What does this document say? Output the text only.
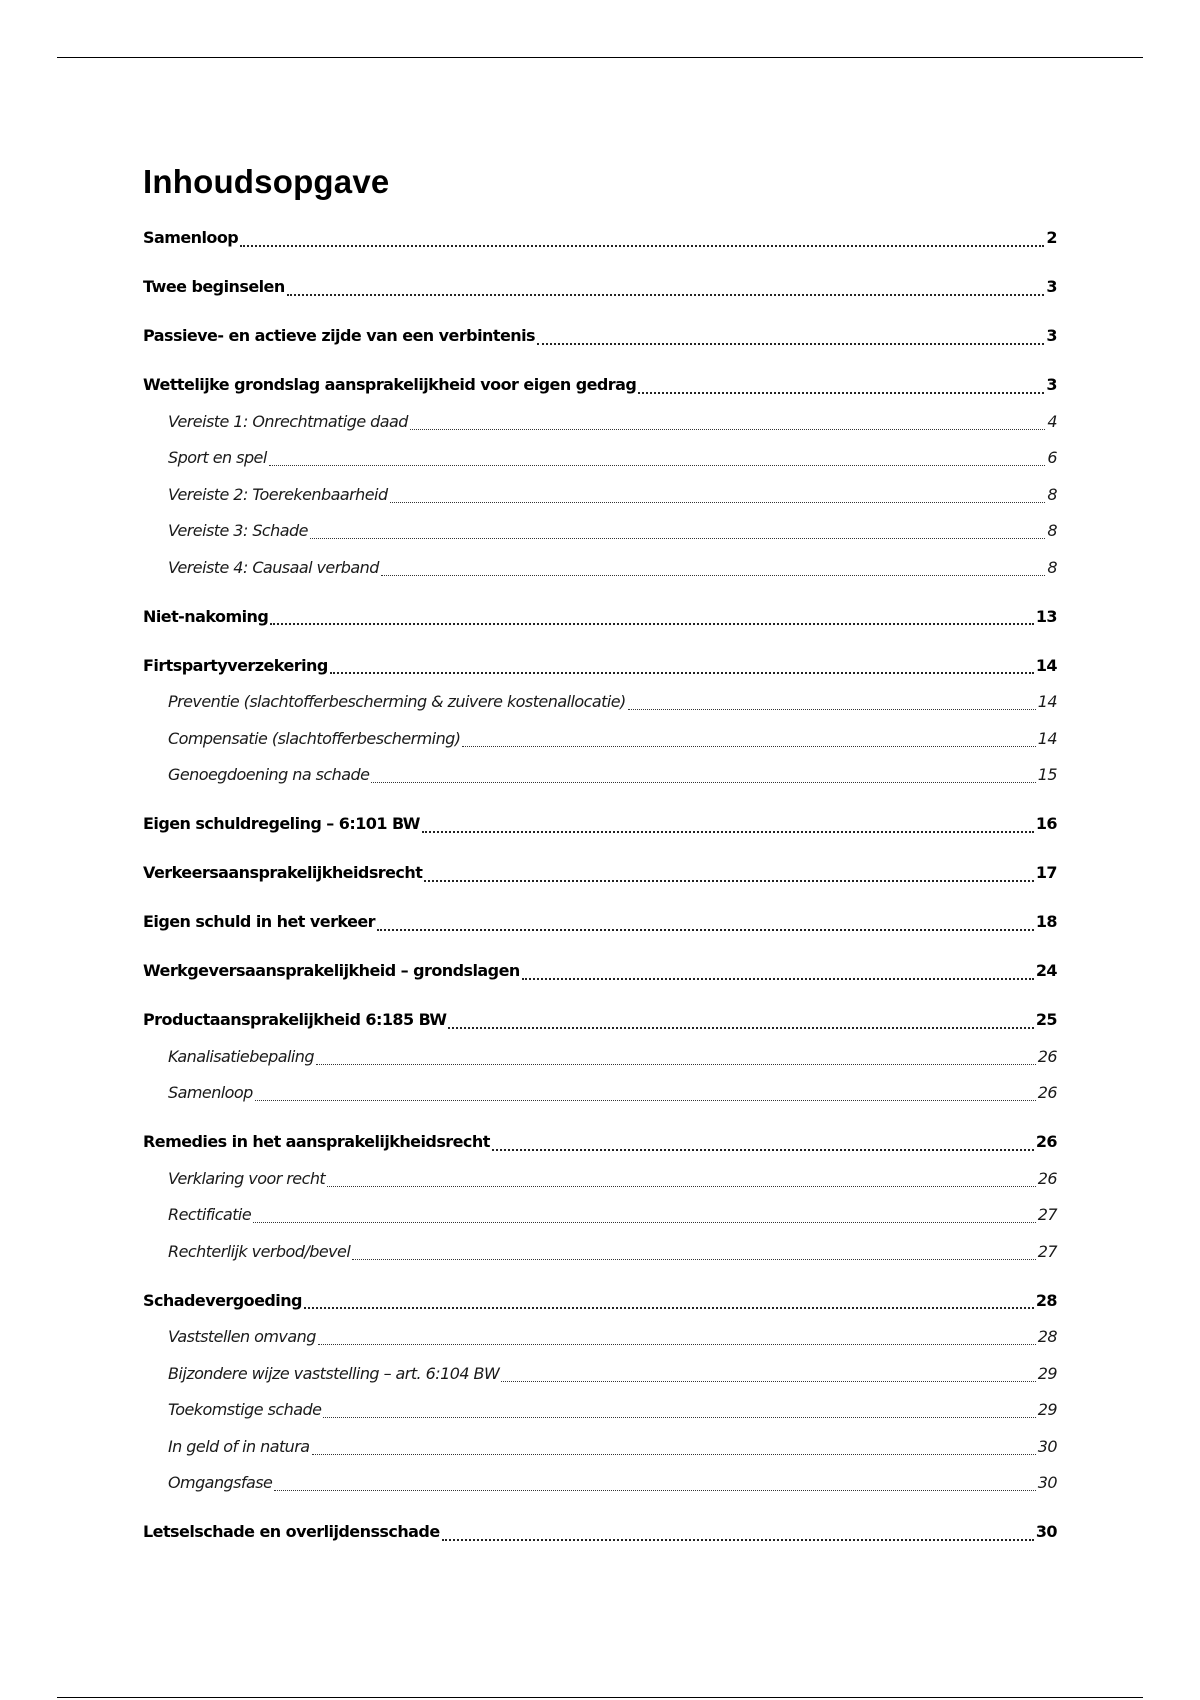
Inhoudsopgave
Samenloop	2
Twee beginselen	3
Passieve- en actieve zijde van een verbintenis	3
Wettelijke grondslag aansprakelijkheid voor eigen gedrag	3
Vereiste 1: Onrechtmatige daad	4
Sport en spel	6
Vereiste 2: Toerekenbaarheid	8
Vereiste 3: Schade	8
Vereiste 4: Causaal verband	8
Niet-nakoming	13
Firtspartyverzekering	14
Preventie (slachtofferbescherming & zuivere kostenallocatie)	14
Compensatie (slachtofferbescherming)	14
Genoegdoening na schade	15
Eigen schuldregeling – 6:101 BW	16
Verkeersaansprakelijkheidsrecht	17
Eigen schuld in het verkeer	18
Werkgeversaansprakelijkheid – grondslagen	24
Productaansprakelijkheid 6:185 BW	25
Kanalisatiebepaling	26
Samenloop	26
Remedies in het aansprakelijkheidsrecht	26
Verklaring voor recht	26
Rectificatie	27
Rechterlijk verbod/bevel	27
Schadevergoeding	28
Vaststellen omvang	28
Bijzondere wijze vaststelling – art. 6:104 BW	29
Toekomstige schade	29
In geld of in natura	30
Omgangsfase	30
Letselschade en overlijdensschade	30
